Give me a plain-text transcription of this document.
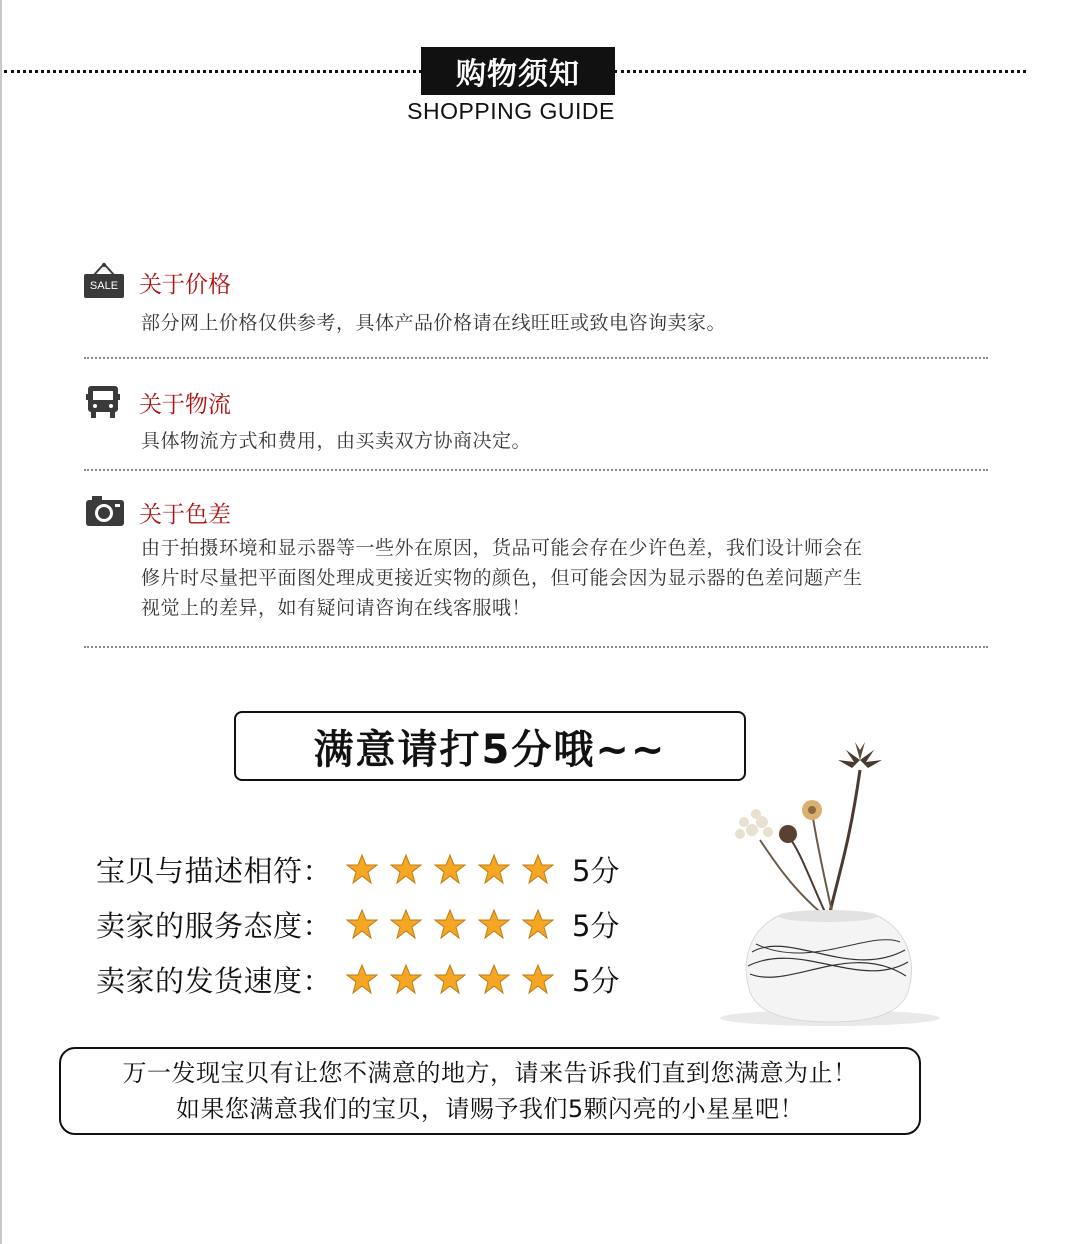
购物须知
SHOPPING GUIDE
SALE 关于价格
部分网上价格仅供参考，具体产品价格请在线旺旺或致电咨询卖家。
关于物流
具体物流方式和费用，由买卖双方协商决定。
关于色差
由于拍摄环境和显示器等一些外在原因，货品可能会存在少许色差，我们设计师会在
修片时尽量把平面图处理成更接近实物的颜色，但可能会因为显示器的色差问题产生
视觉上的差异，如有疑问请咨询在线客服哦！
满意请打5分哦~~
宝贝与描述相符：	5分
卖家的服务态度：	5分
卖家的发货速度：	5分
万一发现宝贝有让您不满意的地方，请来告诉我们直到您满意为止！
如果您满意我们的宝贝，请赐予我们5颗闪亮的小星星吧！
